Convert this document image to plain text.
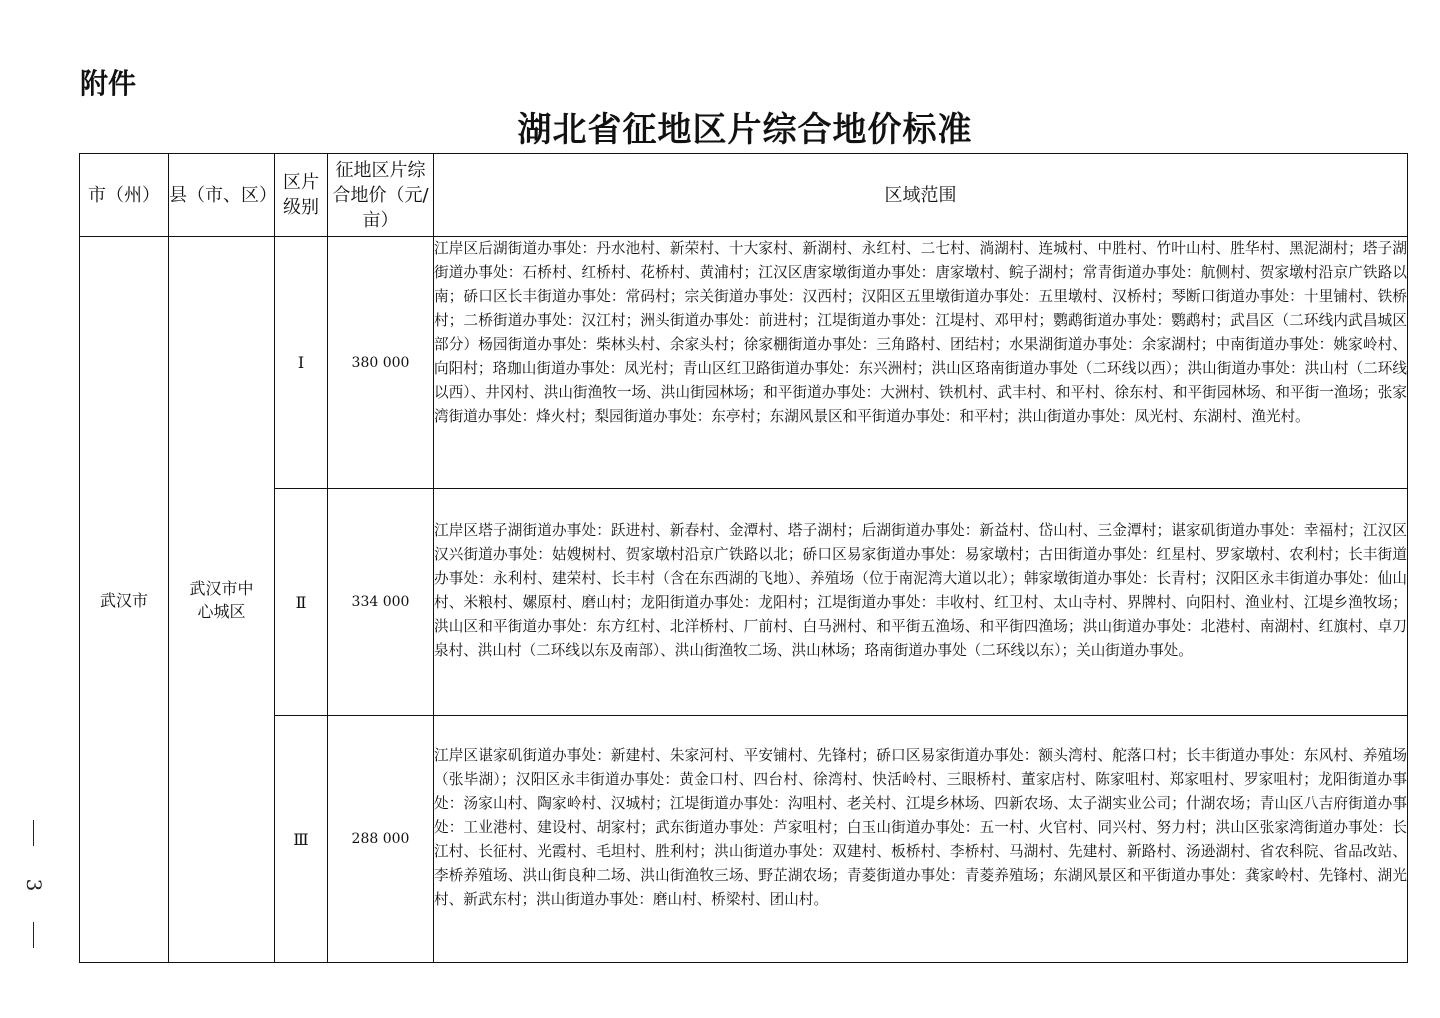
附件
湖北省征地区片综合地价标准
市（州）	县（市、区）	区片级别	征地区片综合地价（元/亩）	区域范围
武汉市	武汉市中心城区	Ⅰ	380 000	江岸区后湖街道办事处：丹水池村、新荣村、十大家村、新湖村、永红村、二七村、淌湖村、连城村、中胜村、竹叶山村、胜华村、黑泥湖村；塔子湖街道办事处：石桥村、红桥村、花桥村、黄浦村；江汉区唐家墩街道办事处：唐家墩村、鲩子湖村；常青街道办事处：航侧村、贺家墩村沿京广铁路以南；硚口区长丰街道办事处：常码村；宗关街道办事处：汉西村；汉阳区五里墩街道办事处：五里墩村、汉桥村；琴断口街道办事处：十里铺村、铁桥村；二桥街道办事处：汉江村；洲头街道办事处：前进村；江堤街道办事处：江堤村、邓甲村；鹦鹉街道办事处：鹦鹉村；武昌区（二环线内武昌城区部分）杨园街道办事处：柴林头村、余家头村；徐家棚街道办事处：三角路村、团结村；水果湖街道办事处：余家湖村；中南街道办事处：姚家岭村、向阳村；珞珈山街道办事处：凤光村；青山区红卫路街道办事处：东兴洲村；洪山区珞南街道办事处（二环线以西）；洪山街道办事处：洪山村（二环线以西）、井冈村、洪山街渔牧一场、洪山街园林场；和平街道办事处：大洲村、铁机村、武丰村、和平村、徐东村、和平街园林场、和平街一渔场；张家湾街道办事处：烽火村；梨园街道办事处：东亭村；东湖风景区和平街道办事处：和平村；洪山街道办事处：凤光村、东湖村、渔光村。
		Ⅱ	334 000	江岸区塔子湖街道办事处：跃进村、新春村、金潭村、塔子湖村；后湖街道办事处：新益村、岱山村、三金潭村；谌家矶街道办事处：幸福村；江汉区汉兴街道办事处：姑嫂树村、贺家墩村沿京广铁路以北；硚口区易家街道办事处：易家墩村；古田街道办事处：红星村、罗家墩村、农利村；长丰街道办事处：永利村、建荣村、长丰村（含在东西湖的飞地）、养殖场（位于南泥湾大道以北）；韩家墩街道办事处：长青村；汉阳区永丰街道办事处：仙山村、米粮村、嫘原村、磨山村；龙阳街道办事处：龙阳村；江堤街道办事处：丰收村、红卫村、太山寺村、界牌村、向阳村、渔业村、江堤乡渔牧场；洪山区和平街道办事处：东方红村、北洋桥村、厂前村、白马洲村、和平街五渔场、和平街四渔场；洪山街道办事处：北港村、南湖村、红旗村、卓刀泉村、洪山村（二环线以东及南部）、洪山街渔牧二场、洪山林场；珞南街道办事处（二环线以东）；关山街道办事处。
		Ⅲ	288 000	江岸区谌家矶街道办事处：新建村、朱家河村、平安铺村、先锋村；硚口区易家街道办事处：额头湾村、舵落口村；长丰街道办事处：东风村、养殖场（张毕湖）；汉阳区永丰街道办事处：黄金口村、四台村、徐湾村、快活岭村、三眼桥村、董家店村、陈家咀村、郑家咀村、罗家咀村；龙阳街道办事处：汤家山村、陶家岭村、汉城村；江堤街道办事处：沟咀村、老关村、江堤乡林场、四新农场、太子湖实业公司；什湖农场；青山区八吉府街道办事处：工业港村、建设村、胡家村；武东街道办事处：芦家咀村；白玉山街道办事处：五一村、火官村、同兴村、努力村；洪山区张家湾街道办事处：长江村、长征村、光霞村、毛坦村、胜利村；洪山街道办事处：双建村、板桥村、李桥村、马湖村、先建村、新路村、汤逊湖村、省农科院、省品改站、李桥养殖场、洪山街良种二场、洪山街渔牧三场、野芷湖农场；青菱街道办事处：青菱养殖场；东湖风景区和平街道办事处：龚家岭村、先锋村、湖光村、新武东村；洪山街道办事处：磨山村、桥梁村、团山村。
3
